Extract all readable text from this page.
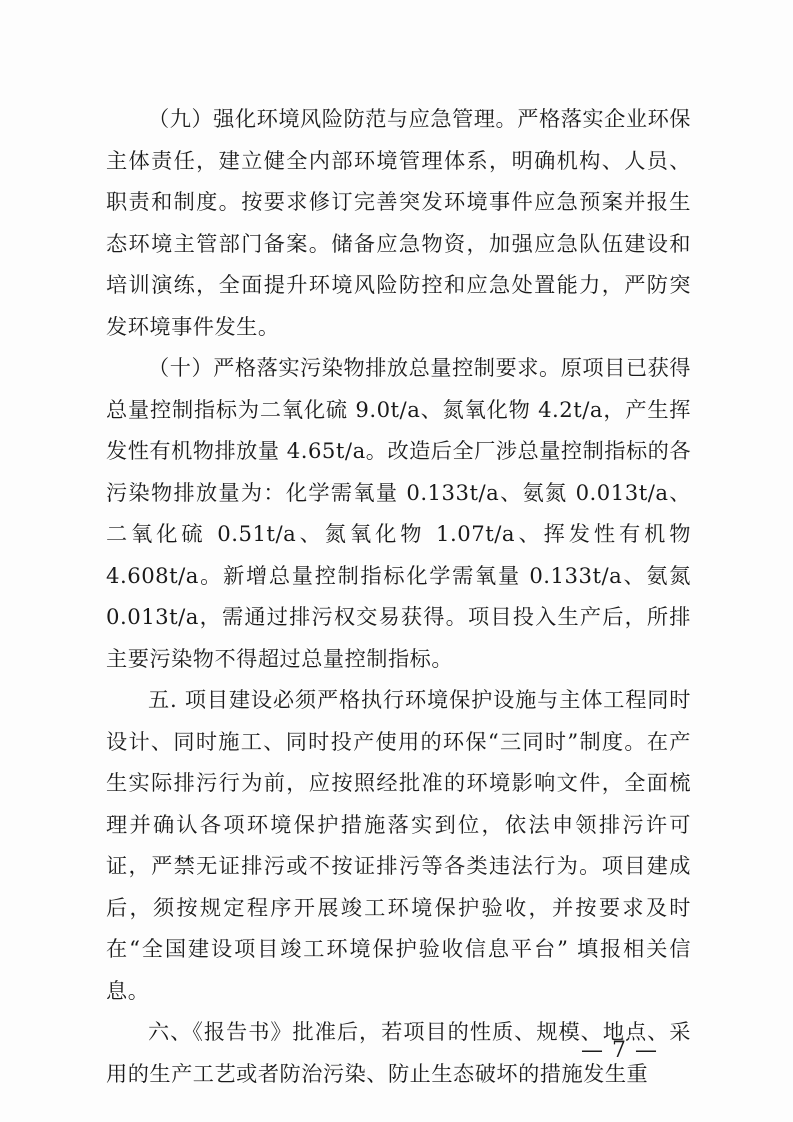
（九）强化环境风险防范与应急管理。严格落实企业环保主体责任，建立健全内部环境管理体系，明确机构、人员、职责和制度。按要求修订完善突发环境事件应急预案并报生态环境主管部门备案。储备应急物资，加强应急队伍建设和培训演练，全面提升环境风险防控和应急处置能力，严防突发环境事件发生。

（十）严格落实污染物排放总量控制要求。原项目已获得总量控制指标为二氧化硫 9.0t/a、氮氧化物 4.2t/a，产生挥发性有机物排放量 4.65t/a。改造后全厂涉总量控制指标的各污染物排放量为：化学需氧量 0.133t/a、氨氮 0.013t/a、二氧化硫 0.51t/a、氮氧化物 1.07t/a、挥发性有机物 4.608t/a。新增总量控制指标化学需氧量 0.133t/a、氨氮 0.013t/a，需通过排污权交易获得。项目投入生产后，所排主要污染物不得超过总量控制指标。

五. 项目建设必须严格执行环境保护设施与主体工程同时设计、同时施工、同时投产使用的环保“三同时”制度。在产生实际排污行为前，应按照经批准的环境影响文件，全面梳理并确认各项环境保护措施落实到位，依法申领排污许可证，严禁无证排污或不按证排污等各类违法行为。项目建成后，须按规定程序开展竣工环境保护验收，并按要求及时在“全国建设项目竣工环境保护验收信息平台” 填报相关信息。

六、《报告书》批准后，若项目的性质、规模、地点、采用的生产工艺或者防治污染、防止生态破坏的措施发生重

— 7 —
